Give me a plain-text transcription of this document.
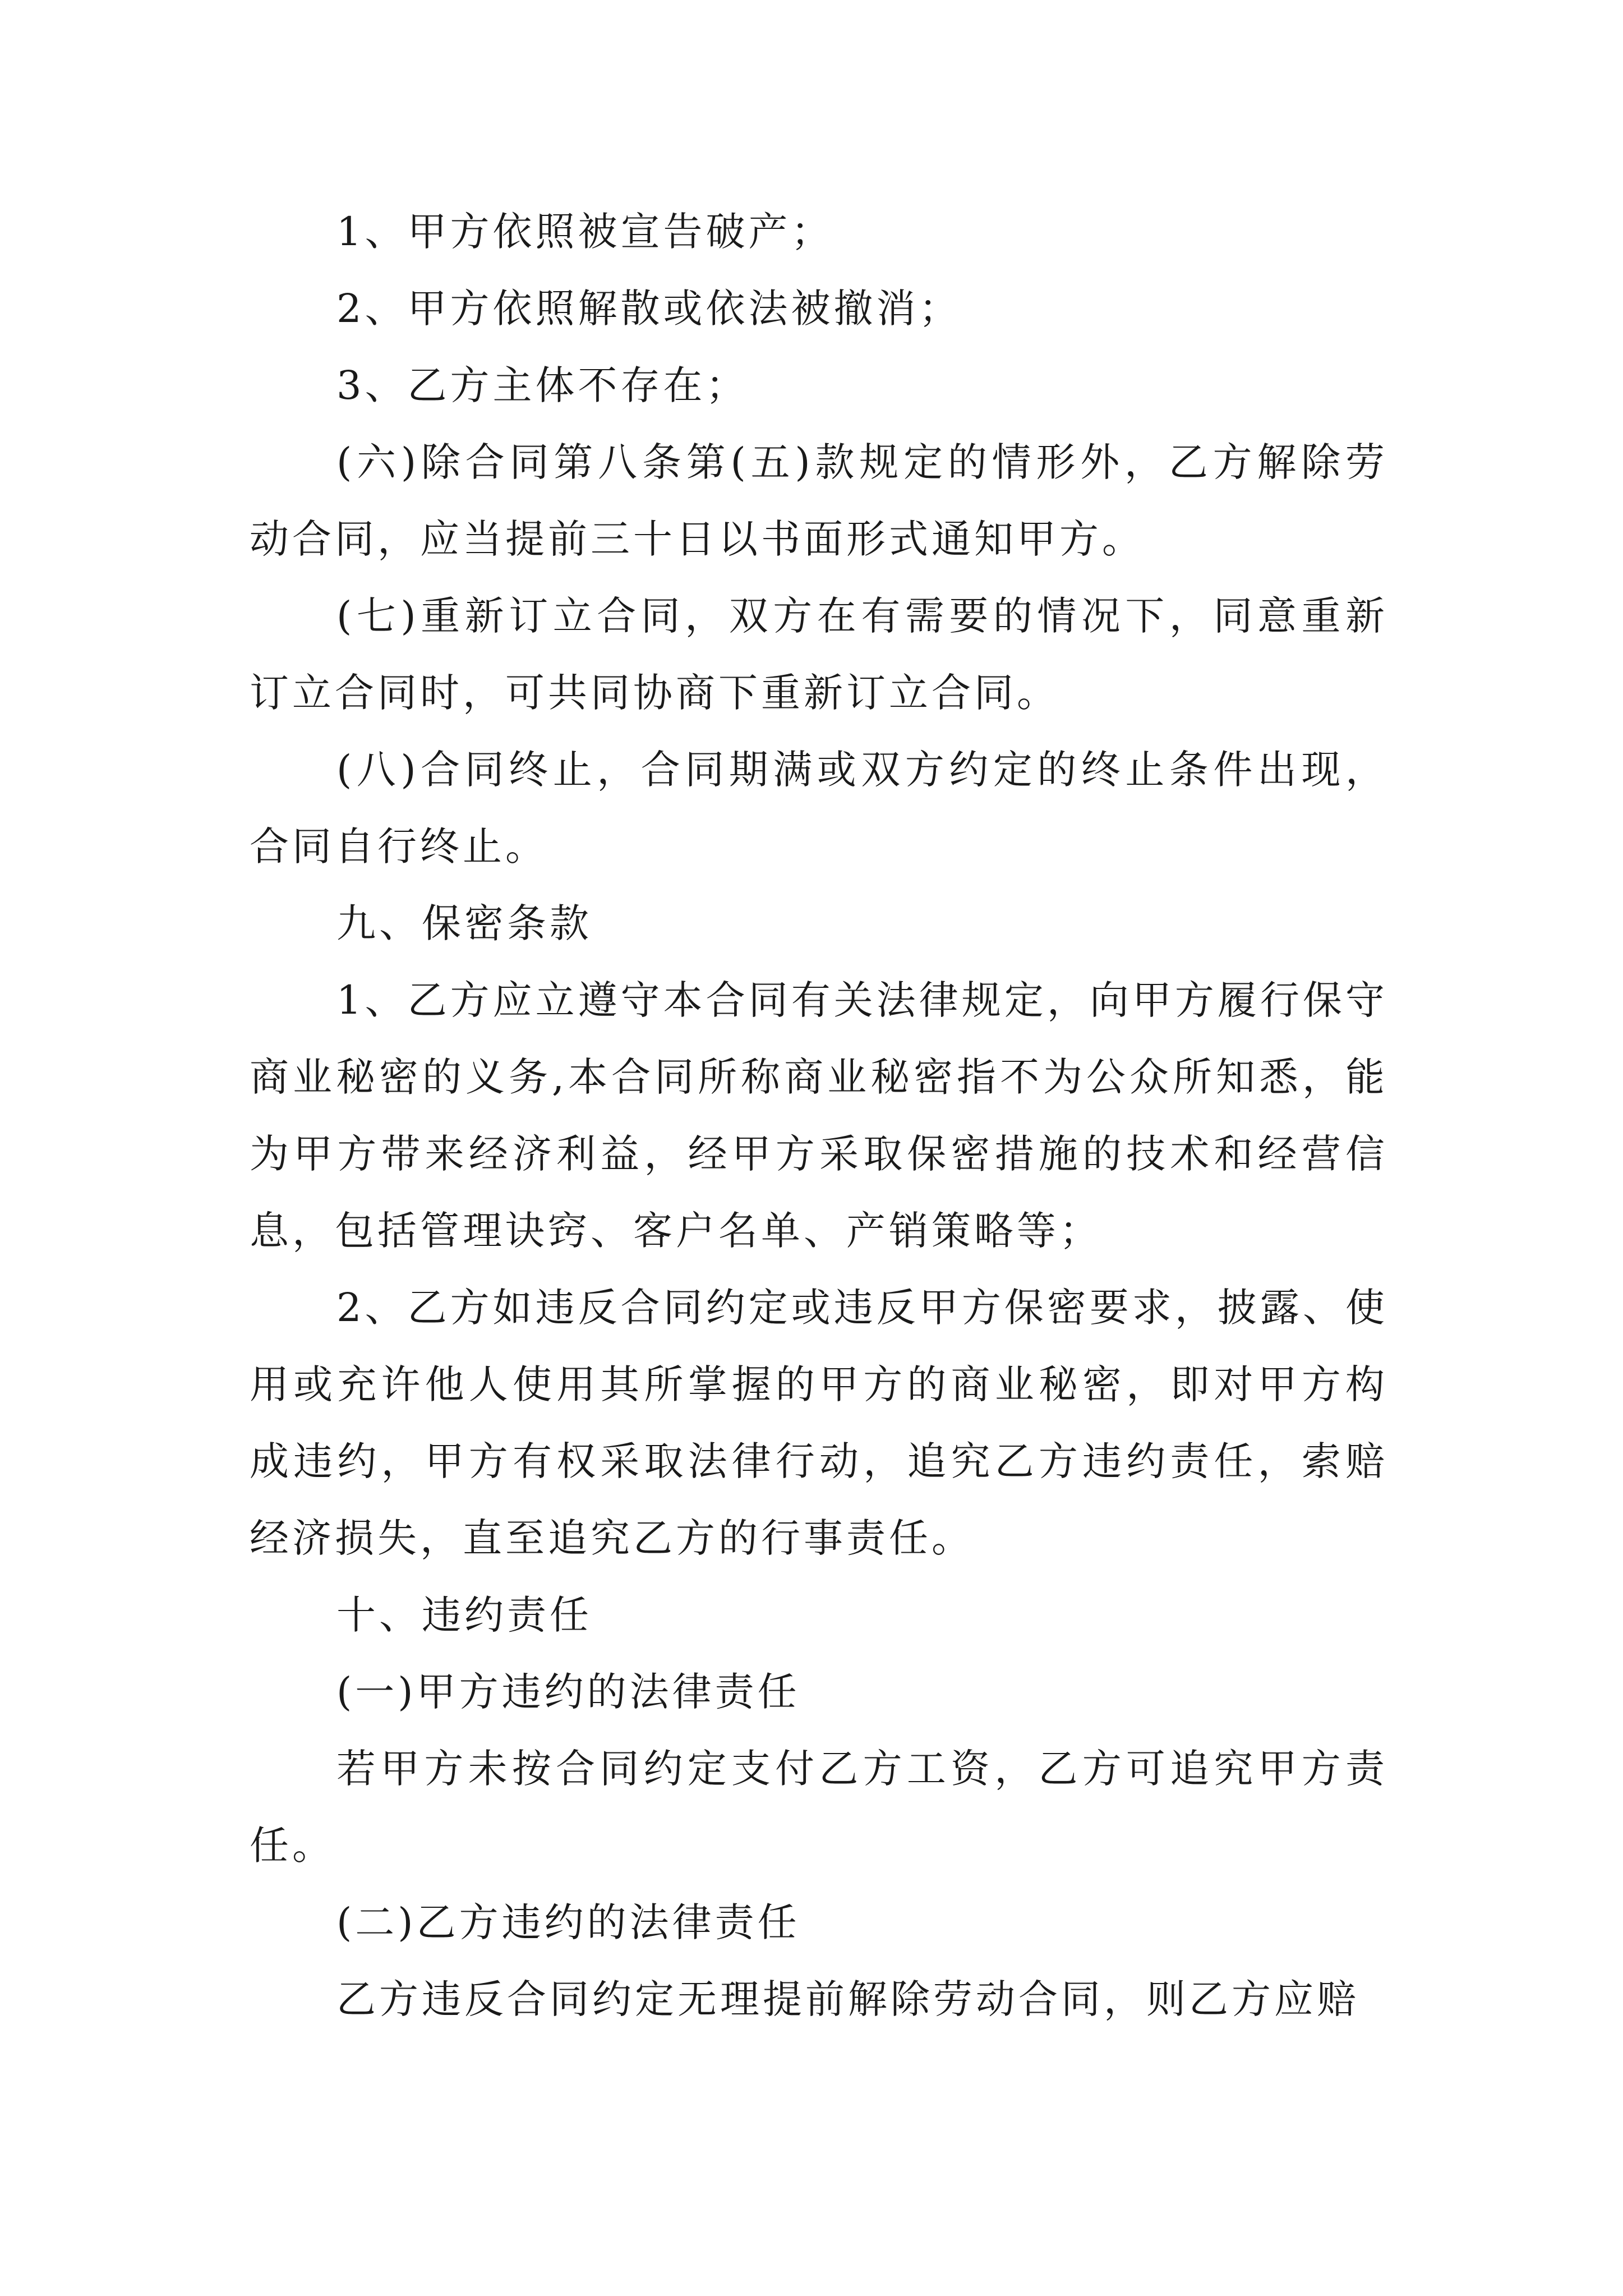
1、甲方依照被宣告破产；

2、甲方依照解散或依法被撤消；

3、乙方主体不存在；

(六)除合同第八条第(五)款规定的情形外，乙方解除劳动合同，应当提前三十日以书面形式通知甲方。

(七)重新订立合同，双方在有需要的情况下，同意重新订立合同时，可共同协商下重新订立合同。

(八)合同终止，合同期满或双方约定的终止条件出现，合同自行终止。

九、保密条款

1、乙方应立遵守本合同有关法律规定，向甲方履行保守商业秘密的义务,本合同所称商业秘密指不为公众所知悉，能为甲方带来经济利益，经甲方采取保密措施的技术和经营信息，包括管理诀窍、客户名单、产销策略等；

2、乙方如违反合同约定或违反甲方保密要求，披露、使用或充许他人使用其所掌握的甲方的商业秘密，即对甲方构成违约，甲方有权采取法律行动，追究乙方违约责任，索赔经济损失，直至追究乙方的行事责任。

十、违约责任

(一)甲方违约的法律责任

若甲方未按合同约定支付乙方工资，乙方可追究甲方责任。

(二)乙方违约的法律责任

乙方违反合同约定无理提前解除劳动合同，则乙方应赔
